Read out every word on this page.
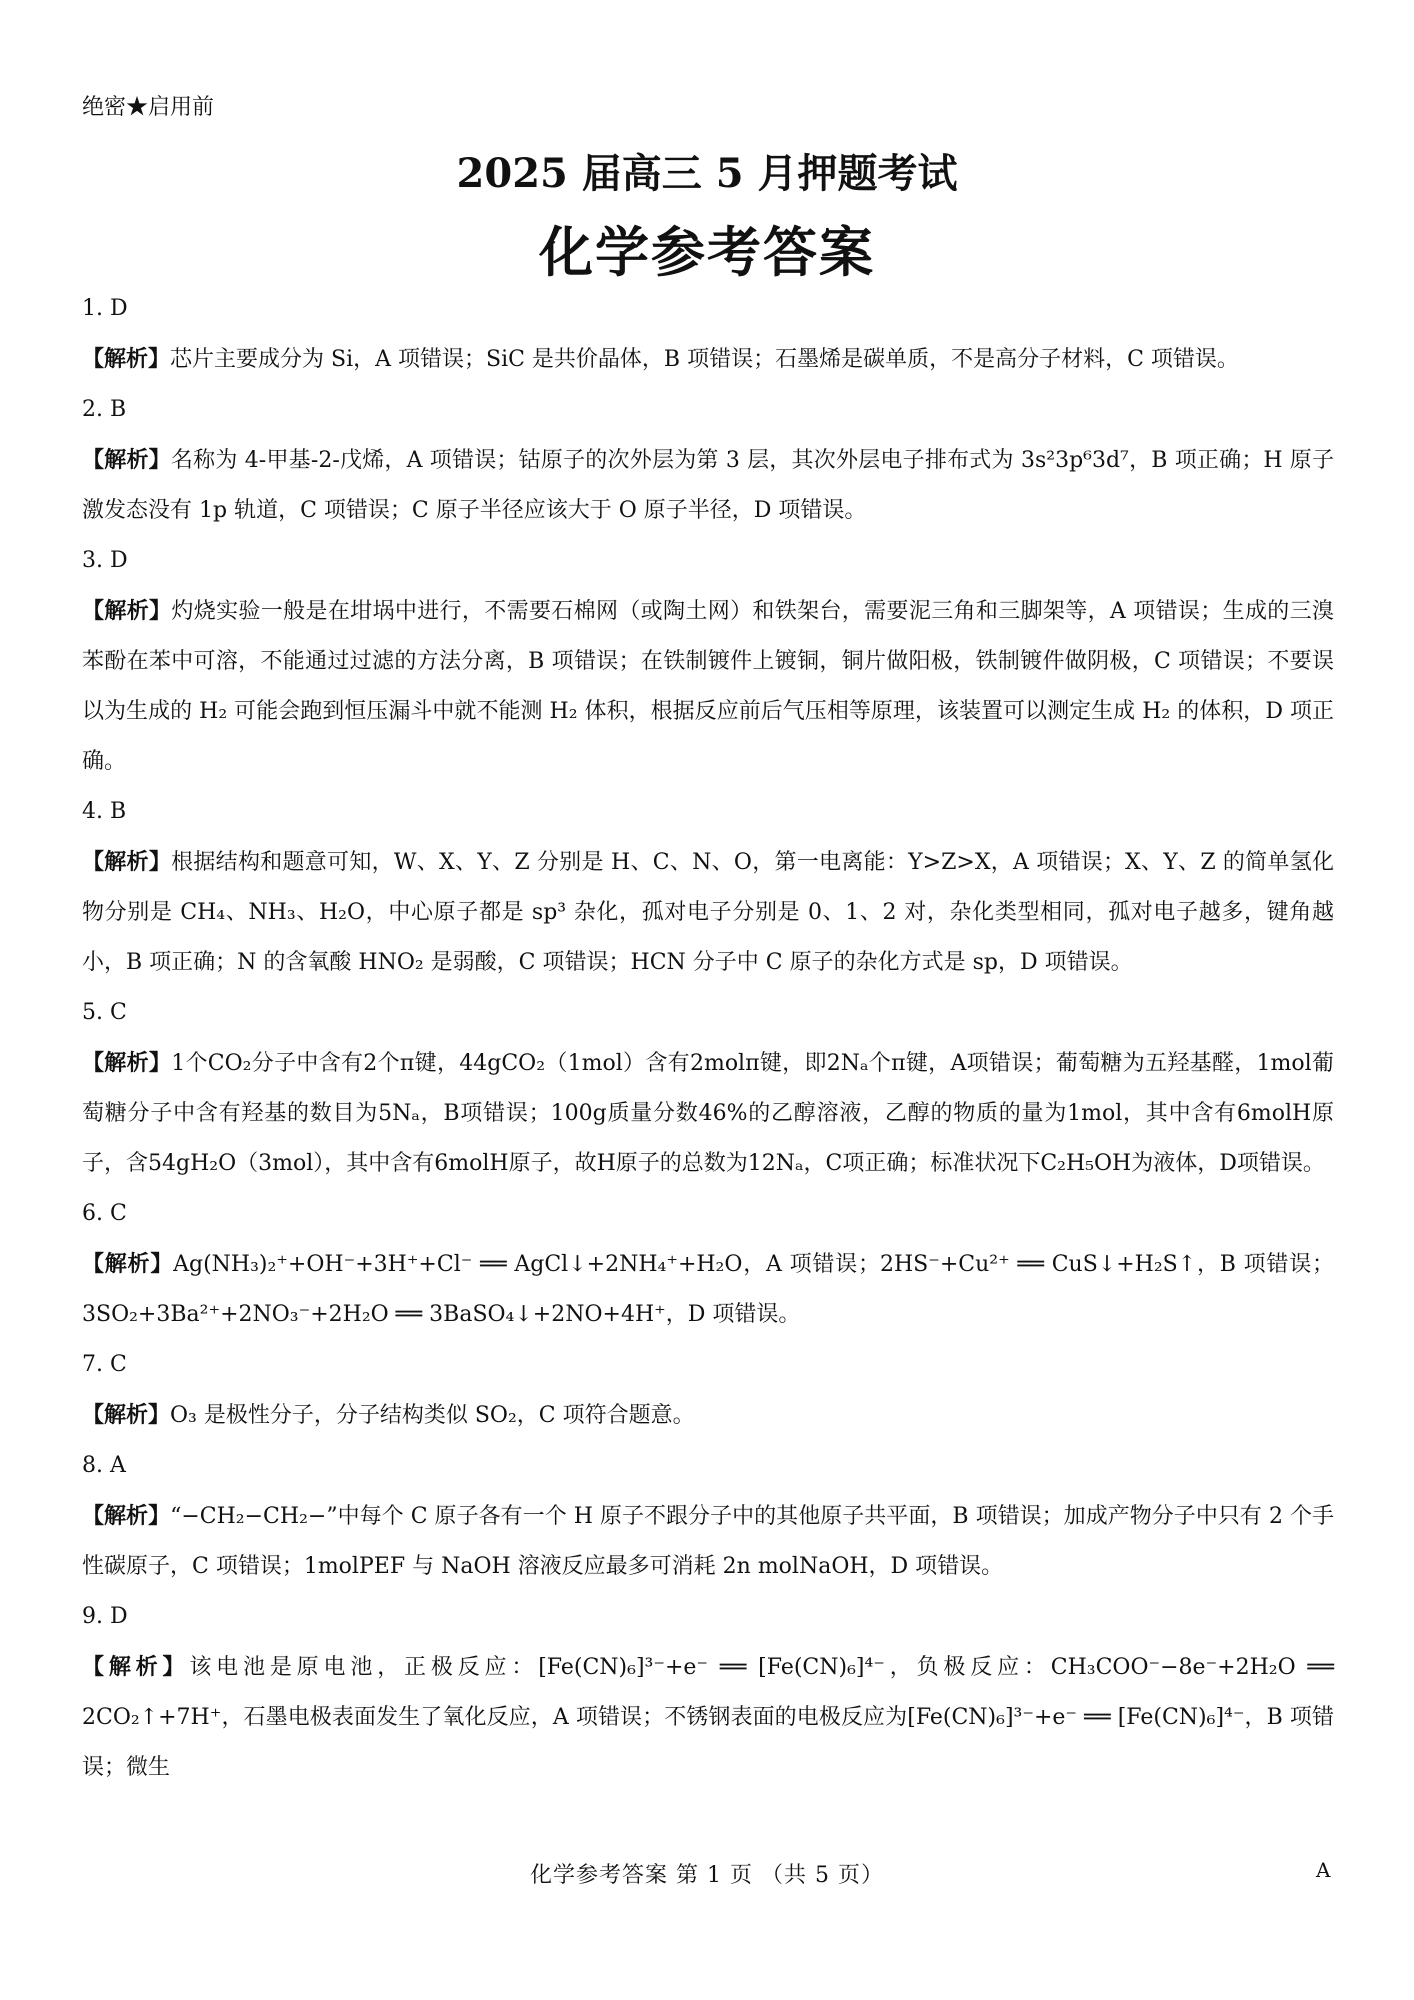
绝密★启用前
2025 届高三 5 月押题考试
化学参考答案

1. D

【解析】芯片主要成分为 Si，A 项错误；SiC 是共价晶体，B 项错误；石墨烯是碳单质，不是高分子材料，C 项错误。

2. B

【解析】名称为 4-甲基-2-戊烯，A 项错误；钴原子的次外层为第 3 层，其次外层电子排布式为 3s²3p⁶3d⁷，B 项正确；H 原子激发态没有 1p 轨道，C 项错误；C 原子半径应该大于 O 原子半径，D 项错误。

3. D

【解析】灼烧实验一般是在坩埚中进行，不需要石棉网（或陶土网）和铁架台，需要泥三角和三脚架等，A 项错误；生成的三溴苯酚在苯中可溶，不能通过过滤的方法分离，B 项错误；在铁制镀件上镀铜，铜片做阳极，铁制镀件做阴极，C 项错误；不要误以为生成的 H₂ 可能会跑到恒压漏斗中就不能测 H₂ 体积，根据反应前后气压相等原理，该装置可以测定生成 H₂ 的体积，D 项正确。

4. B

【解析】根据结构和题意可知，W、X、Y、Z 分别是 H、C、N、O，第一电离能：Y>Z>X，A 项错误；X、Y、Z 的简单氢化物分别是 CH₄、NH₃、H₂O，中心原子都是 sp³ 杂化，孤对电子分别是 0、1、2 对，杂化类型相同，孤对电子越多，键角越小，B 项正确；N 的含氧酸 HNO₂ 是弱酸，C 项错误；HCN 分子中 C 原子的杂化方式是 sp，D 项错误。

5. C

【解析】1个CO₂分子中含有2个π键，44gCO₂（1mol）含有2molπ键，即2Nₐ个π键，A项错误；葡萄糖为五羟基醛，1mol葡萄糖分子中含有羟基的数目为5Nₐ，B项错误；100g质量分数46%的乙醇溶液，乙醇的物质的量为1mol，其中含有6molH原子，含54gH₂O（3mol），其中含有6molH原子，故H原子的总数为12Nₐ，C项正确；标准状况下C₂H₅OH为液体，D项错误。

6. C

【解析】Ag(NH₃)₂⁺+OH⁻+3H⁺+Cl⁻ ══ AgCl↓+2NH₄⁺+H₂O，A 项错误；2HS⁻+Cu²⁺ ══ CuS↓+H₂S↑，B 项错误；3SO₂+3Ba²⁺+2NO₃⁻+2H₂O ══ 3BaSO₄↓+2NO+4H⁺，D 项错误。

7. C

【解析】O₃ 是极性分子，分子结构类似 SO₂，C 项符合题意。

8. A

【解析】“−CH₂−CH₂−”中每个 C 原子各有一个 H 原子不跟分子中的其他原子共平面，B 项错误；加成产物分子中只有 2 个手性碳原子，C 项错误；1molPEF 与 NaOH 溶液反应最多可消耗 2n molNaOH，D 项错误。

9. D

【解析】该电池是原电池，正极反应：[Fe(CN)₆]³⁻+e⁻ ══ [Fe(CN)₆]⁴⁻，负极反应：CH₃COO⁻−8e⁻+2H₂O ══ 2CO₂↑+7H⁺，石墨电极表面发生了氧化反应，A 项错误；不锈钢表面的电极反应为[Fe(CN)₆]³⁻+e⁻ ══ [Fe(CN)₆]⁴⁻，B 项错误；微生

化学参考答案 第 1 页 （共 5 页）	A
